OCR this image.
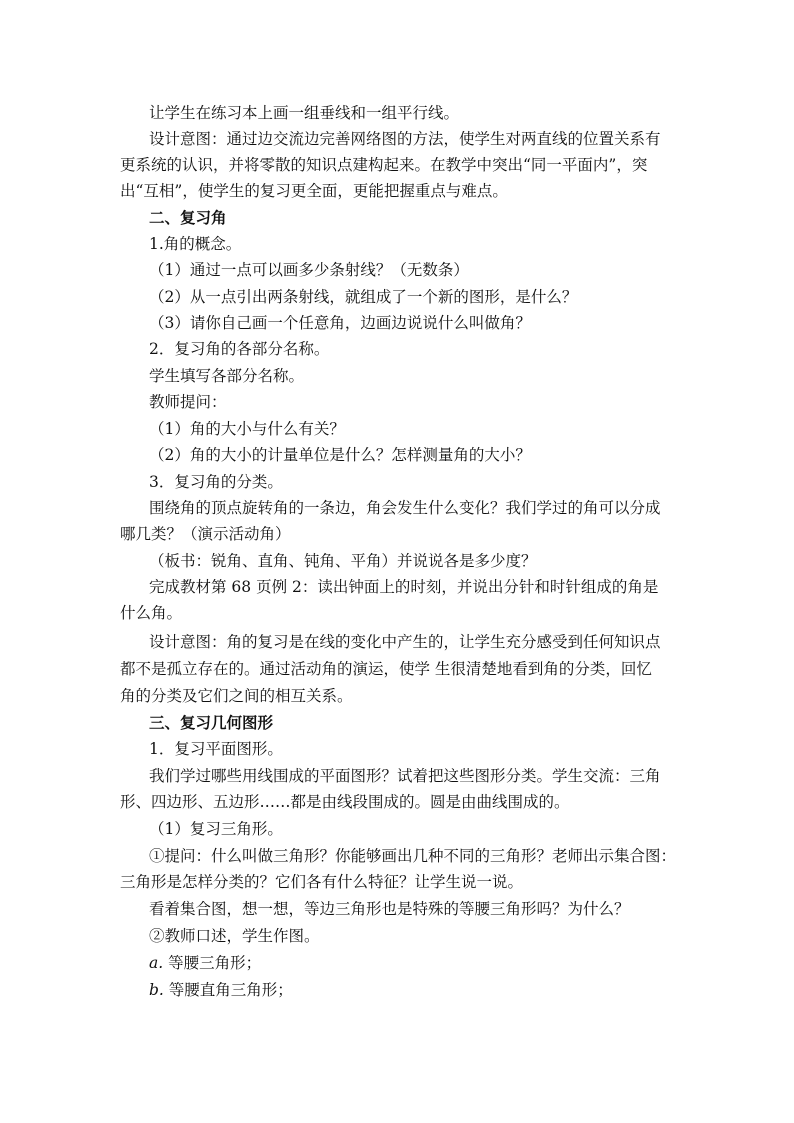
让学生在练习本上画一组垂线和一组平行线。
设计意图：通过边交流边完善网络图的方法，使学生对两直线的位置关系有
更系统的认识，并将零散的知识点建构起来。在教学中突出“同一平面内”，突
出“互相”，使学生的复习更全面，更能把握重点与难点。
二、复习角
1.角的概念。
（1）通过一点可以画多少条射线？（无数条）
（2）从一点引出两条射线，就组成了一个新的图形，是什么？
（3）请你自己画一个任意角，边画边说说什么叫做角？
2．复习角的各部分名称。
学生填写各部分名称。
教师提问：
（1）角的大小与什么有关？
（2）角的大小的计量单位是什么？怎样测量角的大小？
3．复习角的分类。
围绕角的顶点旋转角的一条边，角会发生什么变化？我们学过的角可以分成
哪几类？（演示活动角）
（板书：锐角、直角、钝角、平角）并说说各是多少度？
完成教材第 68 页例 2：读出钟面上的时刻，并说出分针和时针组成的角是
什么角。
设计意图：角的复习是在线的变化中产生的，让学生充分感受到任何知识点
都不是孤立存在的。通过活动角的演运，使学 生很清楚地看到角的分类，回忆
角的分类及它们之间的相互关系。
三、复习几何图形
1．复习平面图形。
我们学过哪些用线围成的平面图形？试着把这些图形分类。学生交流：三角
形、四边形、五边形……都是由线段围成的。圆是由曲线围成的。
（1）复习三角形。
①提问：什么叫做三角形？你能够画出几种不同的三角形？老师出示集合图：
三角形是怎样分类的？它们各有什么特征？让学生说一说。
看着集合图，想一想，等边三角形也是特殊的等腰三角形吗？为什么？
②教师口述，学生作图。
a. 等腰三角形；
b. 等腰直角三角形；
